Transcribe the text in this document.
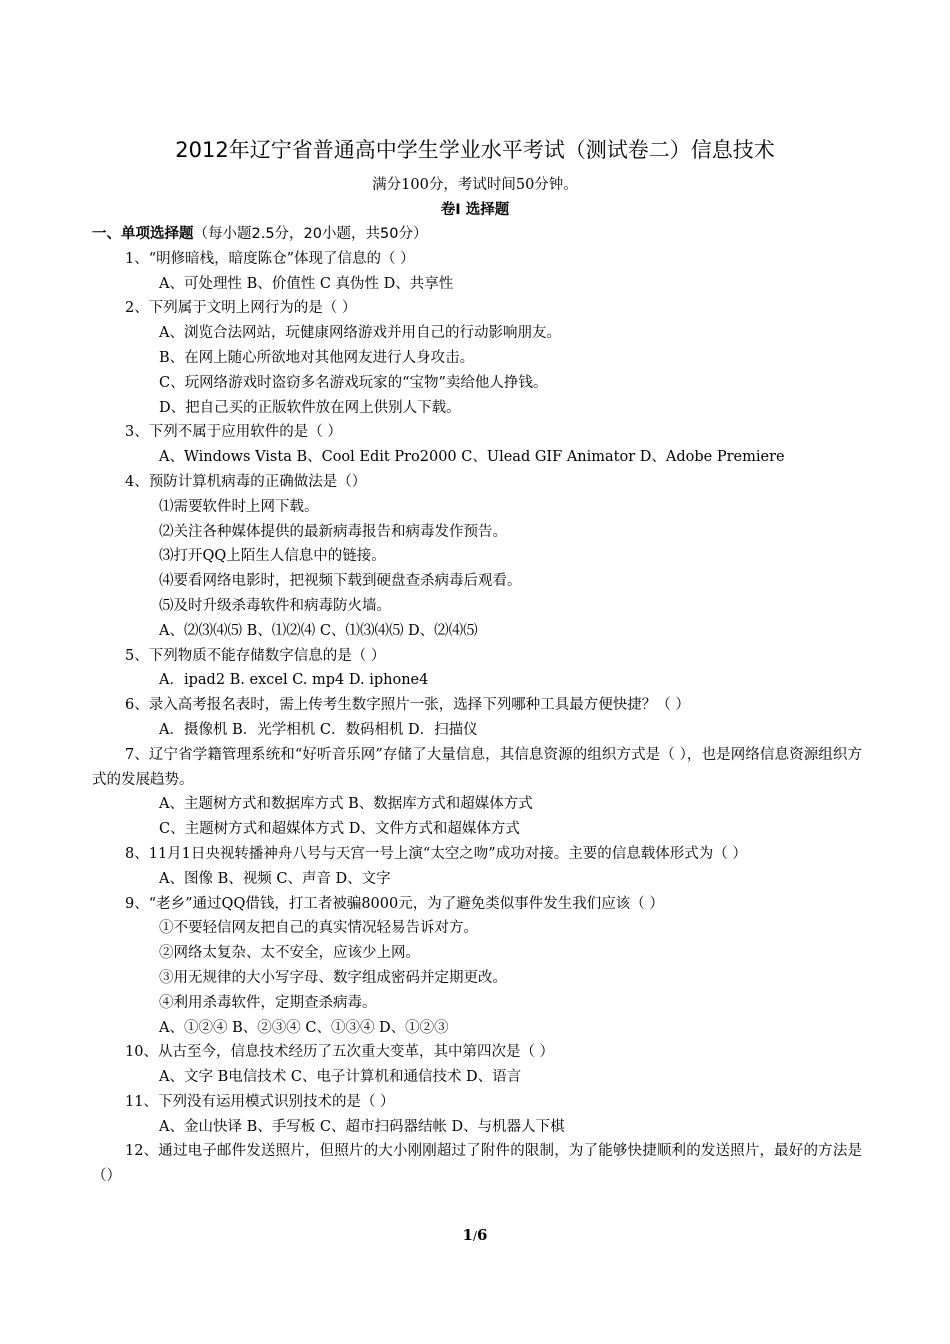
2012年辽宁省普通高中学生学业水平考试（测试卷二）信息技术
满分100分，考试时间50分钟。
卷Ⅰ 选择题
一、单项选择题（每小题2.5分，20小题，共50分）
1、“明修暗栈，暗度陈仓”体现了信息的（ ）
A、可处理性 B、价值性 C 真伪性 D、共享性
2、下列属于文明上网行为的是（ ）
A、浏览合法网站，玩健康网络游戏并用自己的行动影响朋友。
B、在网上随心所欲地对其他网友进行人身攻击。
C、玩网络游戏时盗窃多名游戏玩家的“宝物”卖给他人挣钱。
D、把自己买的正版软件放在网上供别人下载。
3、下列不属于应用软件的是（ ）
A、Windows Vista B、Cool Edit Pro2000 C、Ulead GIF Animator D、Adobe Premiere
4、预防计算机病毒的正确做法是（）
⑴需要软件时上网下载。
⑵关注各种媒体提供的最新病毒报告和病毒发作预告。
⑶打开QQ上陌生人信息中的链接。
⑷要看网络电影时，把视频下载到硬盘查杀病毒后观看。
⑸及时升级杀毒软件和病毒防火墙。
A、⑵⑶⑷⑸ B、⑴⑵⑷ C、⑴⑶⑷⑸ D、⑵⑷⑸
5、下列物质不能存储数字信息的是（ ）
A．ipad2 B. excel C. mp4 D. iphone4
6、录入高考报名表时，需上传考生数字照片一张，选择下列哪种工具最方便快捷？（ ）
A．摄像机 B．光学相机 C．数码相机 D．扫描仪
7、辽宁省学籍管理系统和“好听音乐网”存储了大量信息，其信息资源的组织方式是（ ），也是网络信息资源组织方式的发展趋势。
A、主题树方式和数据库方式 B、数据库方式和超媒体方式
C、主题树方式和超媒体方式 D、文件方式和超媒体方式
8、11月1日央视转播神舟八号与天宫一号上演“太空之吻”成功对接。主要的信息载体形式为（ ）
A、图像 B、视频 C、声音 D、文字
9、“老乡”通过QQ借钱，打工者被骗8000元，为了避免类似事件发生我们应该（ ）
①不要轻信网友把自己的真实情况轻易告诉对方。
②网络太复杂、太不安全，应该少上网。
③用无规律的大小写字母、数字组成密码并定期更改。
④利用杀毒软件，定期查杀病毒。
A、①②④ B、②③④ C、①③④ D、①②③
10、从古至今，信息技术经历了五次重大变革，其中第四次是（ ）
A、文字 B电信技术 C、电子计算机和通信技术 D、语言
11、下列没有运用模式识别技术的是（ ）
A、金山快译 B、手写板 C、超市扫码器结帐 D、与机器人下棋
12、通过电子邮件发送照片，但照片的大小刚刚超过了附件的限制，为了能够快捷顺利的发送照片，最好的方法是（）
1/6
